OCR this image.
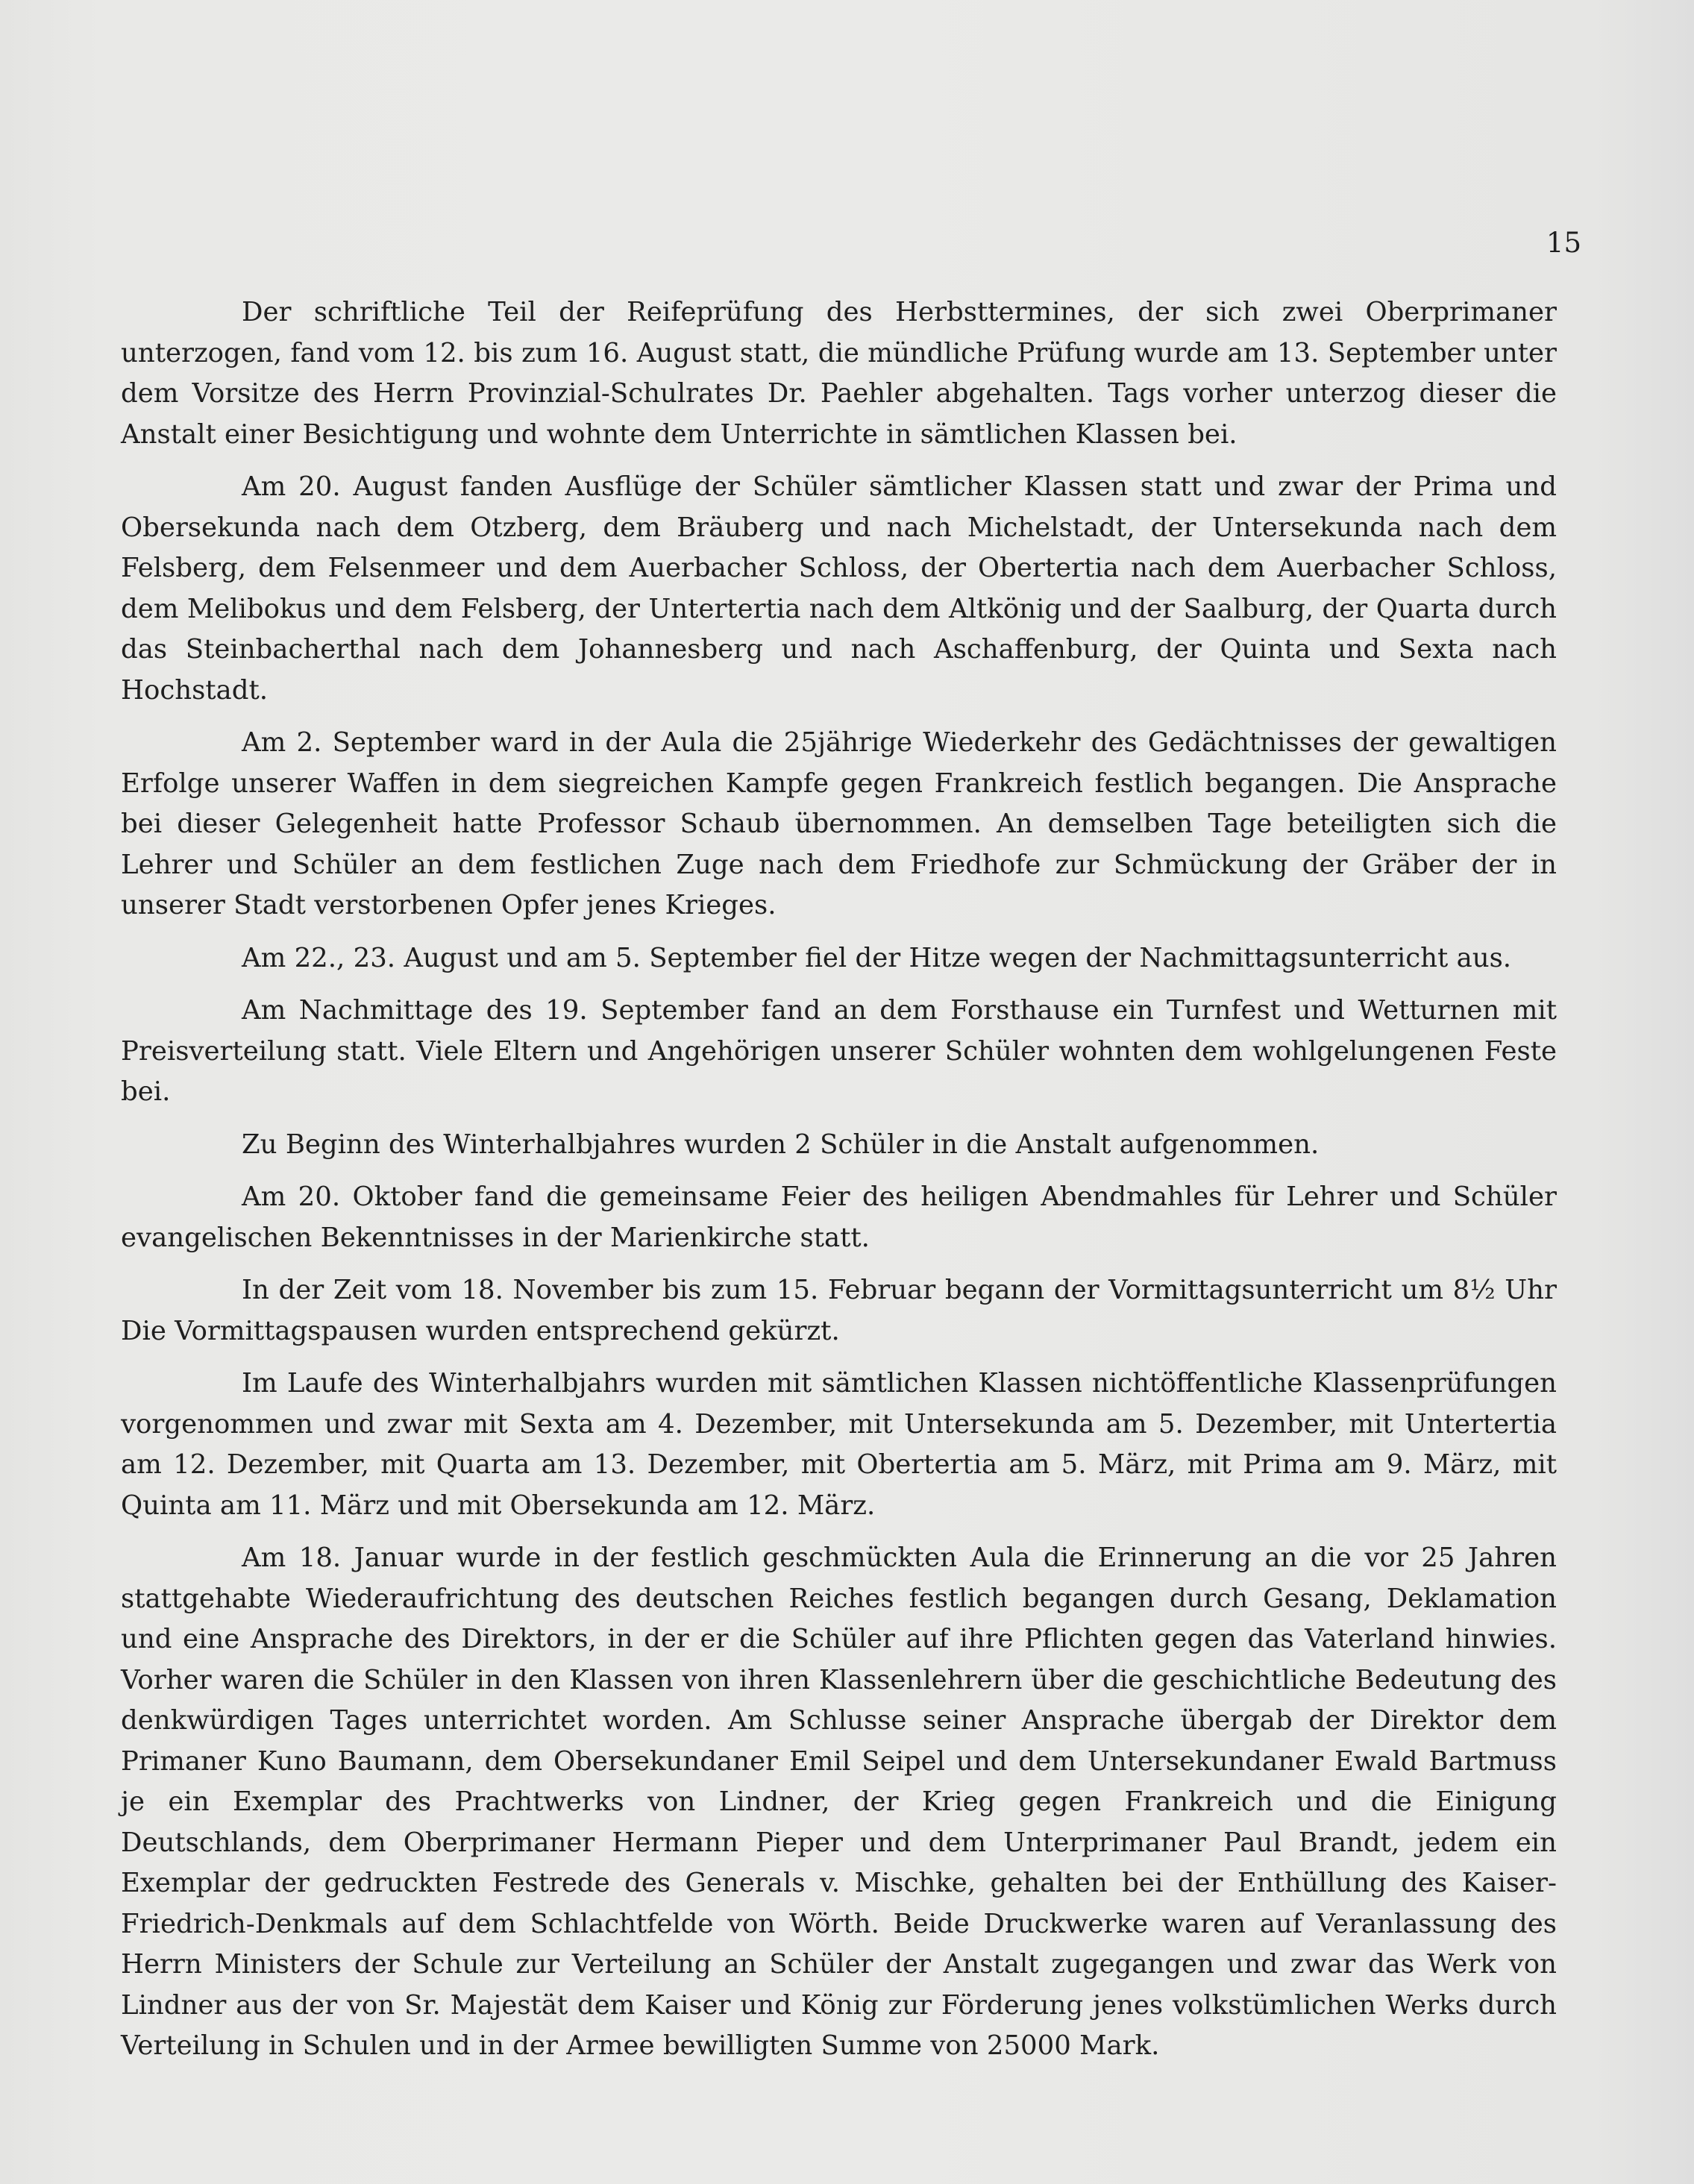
15

Der schriftliche Teil der Reifeprüfung des Herbsttermines, der sich zwei Oberprimaner unterzogen, fand vom 12. bis zum 16. August statt, die mündliche Prüfung wurde am 13. September unter dem Vorsitze des Herrn Provinzial-Schulrates Dr. Paehler abgehalten. Tags vorher unterzog dieser die Anstalt einer Besichtigung und wohnte dem Unterrichte in sämtlichen Klassen bei.

Am 20. August fanden Ausflüge der Schüler sämtlicher Klassen statt und zwar der Prima und Obersekunda nach dem Otzberg, dem Bräuberg und nach Michelstadt, der Untersekunda nach dem Felsberg, dem Felsenmeer und dem Auerbacher Schloss, der Obertertia nach dem Auerbacher Schloss, dem Melibokus und dem Felsberg, der Untertertia nach dem Altkönig und der Saalburg, der Quarta durch das Steinbacherthal nach dem Johannesberg und nach Aschaffenburg, der Quinta und Sexta nach Hochstadt.

Am 2. September ward in der Aula die 25jährige Wiederkehr des Gedächtnisses der gewaltigen Erfolge unserer Waffen in dem siegreichen Kampfe gegen Frankreich festlich begangen. Die Ansprache bei dieser Gelegenheit hatte Professor Schaub übernommen. An demselben Tage beteiligten sich die Lehrer und Schüler an dem festlichen Zuge nach dem Friedhofe zur Schmückung der Gräber der in unserer Stadt verstorbenen Opfer jenes Krieges.

Am 22., 23. August und am 5. September fiel der Hitze wegen der Nachmittagsunterricht aus.

Am Nachmittage des 19. September fand an dem Forsthause ein Turnfest und Wetturnen mit Preisverteilung statt. Viele Eltern und Angehörigen unserer Schüler wohnten dem wohlgelungenen Feste bei.

Zu Beginn des Winterhalbjahres wurden 2 Schüler in die Anstalt aufgenommen.

Am 20. Oktober fand die gemeinsame Feier des heiligen Abendmahles für Lehrer und Schüler evangelischen Bekenntnisses in der Marienkirche statt.

In der Zeit vom 18. November bis zum 15. Februar begann der Vormittagsunterricht um 8½ Uhr Die Vormittagspausen wurden entsprechend gekürzt.

Im Laufe des Winterhalbjahrs wurden mit sämtlichen Klassen nichtöffentliche Klassenprüfungen vorgenommen und zwar mit Sexta am 4. Dezember, mit Untersekunda am 5. Dezember, mit Untertertia am 12. Dezember, mit Quarta am 13. Dezember, mit Obertertia am 5. März, mit Prima am 9. März, mit Quinta am 11. März und mit Obersekunda am 12. März.

Am 18. Januar wurde in der festlich geschmückten Aula die Erinnerung an die vor 25 Jahren stattgehabte Wiederaufrichtung des deutschen Reiches festlich begangen durch Gesang, Deklamation und eine Ansprache des Direktors, in der er die Schüler auf ihre Pflichten gegen das Vaterland hinwies. Vorher waren die Schüler in den Klassen von ihren Klassenlehrern über die geschichtliche Bedeutung des denkwürdigen Tages unterrichtet worden. Am Schlusse seiner Ansprache übergab der Direktor dem Primaner Kuno Baumann, dem Obersekundaner Emil Seipel und dem Untersekundaner Ewald Bartmuss je ein Exemplar des Prachtwerks von Lindner, der Krieg gegen Frankreich und die Einigung Deutschlands, dem Oberprimaner Hermann Pieper und dem Unterprimaner Paul Brandt, jedem ein Exemplar der gedruckten Festrede des Generals v. Mischke, gehalten bei der Enthüllung des Kaiser-Friedrich-Denkmals auf dem Schlachtfelde von Wörth. Beide Druckwerke waren auf Veranlassung des Herrn Ministers der Schule zur Verteilung an Schüler der Anstalt zugegangen und zwar das Werk von Lindner aus der von Sr. Majestät dem Kaiser und König zur Förderung jenes volkstümlichen Werks durch Verteilung in Schulen und in der Armee bewilligten Summe von 25000 Mark.
